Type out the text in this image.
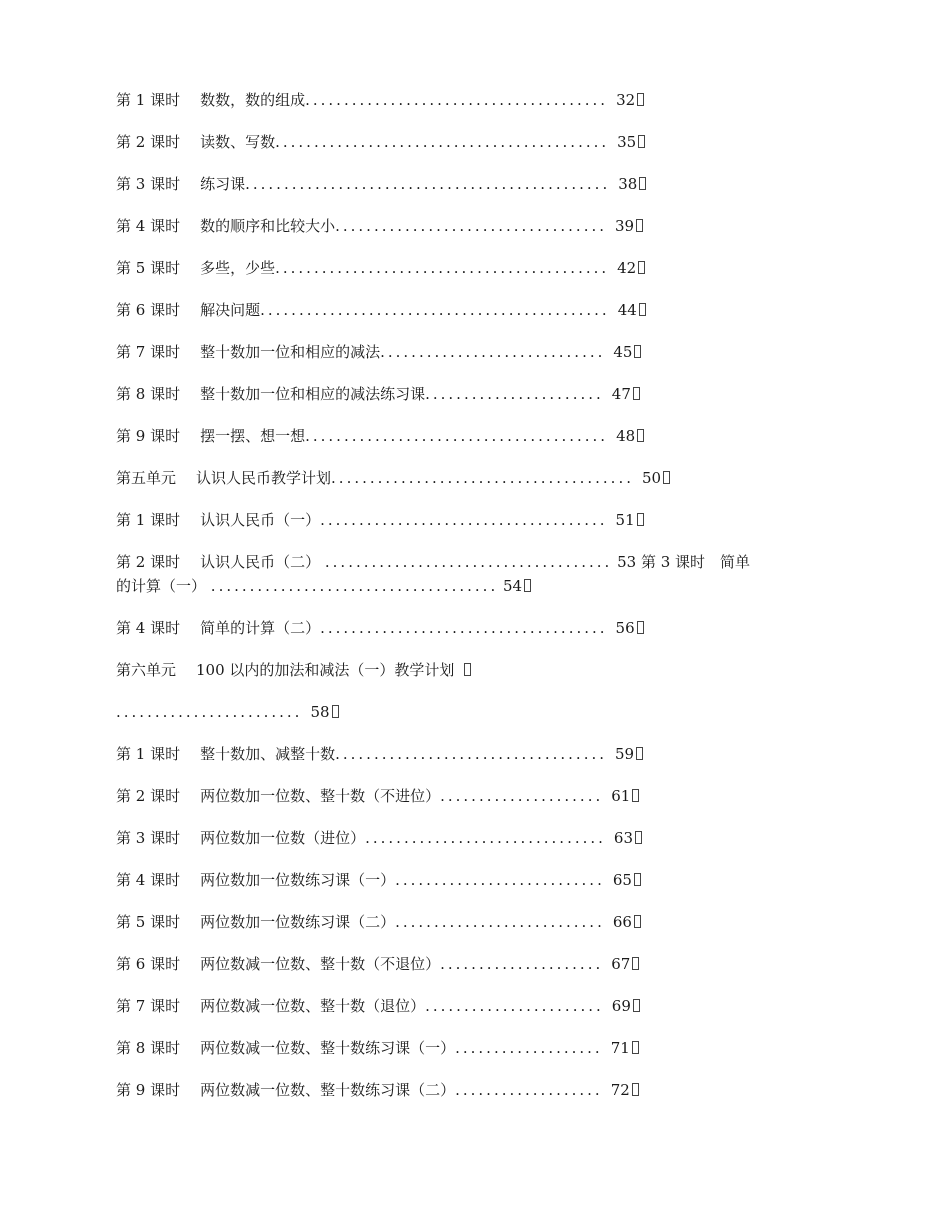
第 1 课时 数数，数的组成 ....................................... 32
第 2 课时 读数、写数 ........................................... 35
第 3 课时 练习课 ............................................... 38
第 4 课时 数的顺序和比较大小 ................................... 39
第 5 课时 多些，少些 ........................................... 42
第 6 课时 解决问题 ............................................. 44
第 7 课时 整十数加一位和相应的减法 ............................. 45
第 8 课时 整十数加一位和相应的减法练习课 ....................... 47
第 9 课时 摆一摆、想一想 ....................................... 48
第五单元 认识人民币教学计划 ....................................... 50
第 1 课时 认识人民币（一） ..................................... 51
第 2 课时 认识人民币（二） ..................................... 53 第 3 课时　简单
的计算（一） ..................................... 54
第 4 课时 简单的计算（二） ..................................... 56
第六单元 100 以内的加法和减法（一）教学计划
........................ 58
第 1 课时 整十数加、减整十数 ................................... 59
第 2 课时 两位数加一位数、整十数（不进位） ..................... 61
第 3 课时 两位数加一位数（进位） ............................... 63
第 4 课时 两位数加一位数练习课（一） ........................... 65
第 5 课时 两位数加一位数练习课（二） ........................... 66
第 6 课时 两位数减一位数、整十数（不退位） ..................... 67
第 7 课时 两位数减一位数、整十数（退位） ....................... 69
第 8 课时 两位数减一位数、整十数练习课（一） ................... 71
第 9 课时 两位数减一位数、整十数练习课（二） ................... 72
